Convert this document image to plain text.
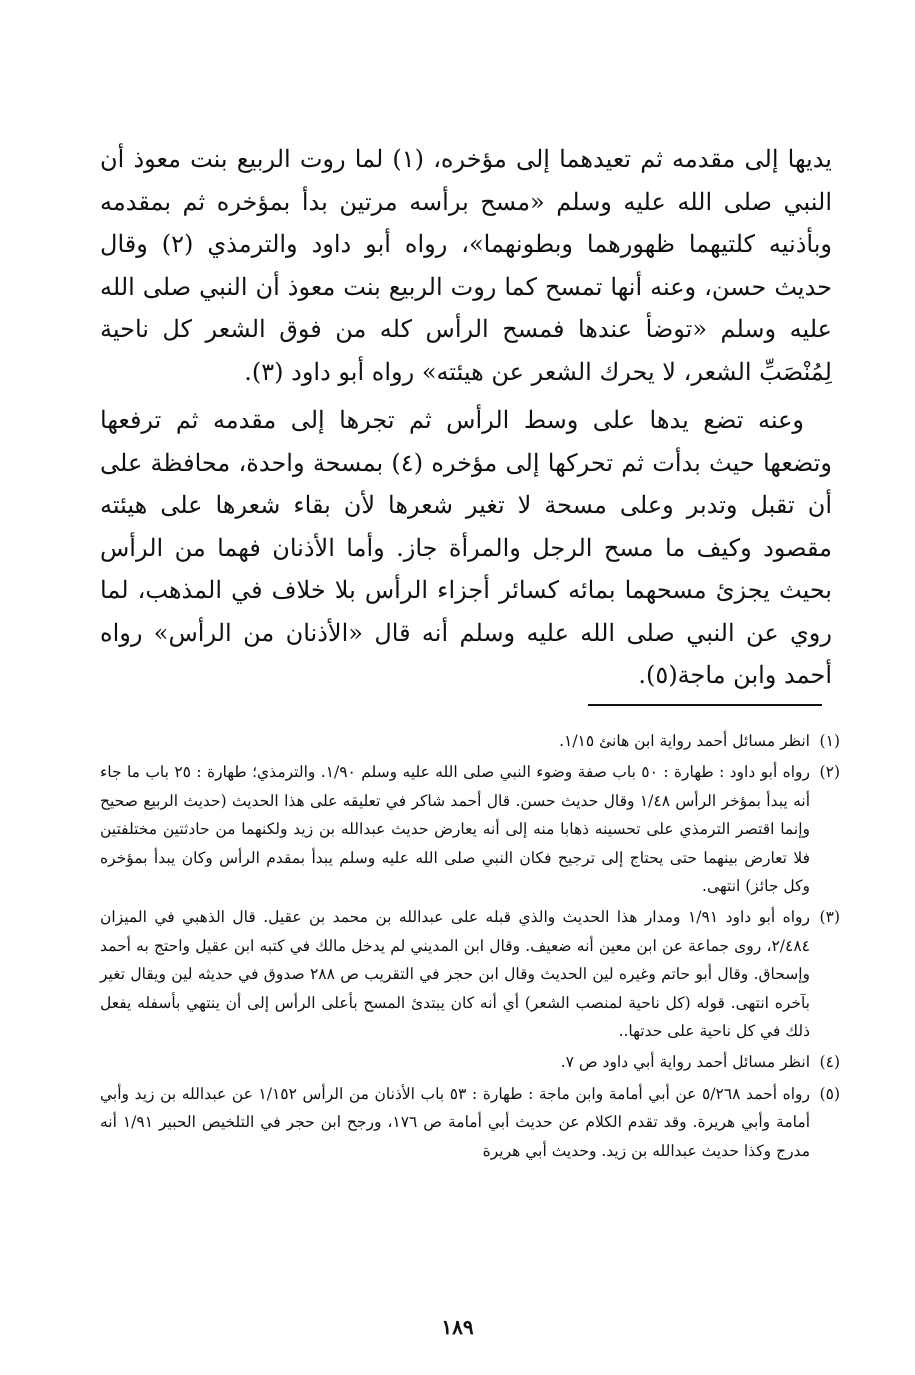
يديها إلى مقدمه ثم تعيدهما إلى مؤخره، (١) لما روت الربيع بنت معوذ أن النبي صلى الله عليه وسلم «مسح برأسه مرتين بدأ بمؤخره ثم بمقدمه وبأذنيه كلتيهما ظهورهما وبطونهما»، رواه أبو داود والترمذي (٢) وقال حديث حسن، وعنه أنها تمسح كما روت الربيع بنت معوذ أن النبي صلى الله عليه وسلم «توضأ عندها فمسح الرأس كله من فوق الشعر كل ناحية لِمُنْصَبِّ الشعر، لا يحرك الشعر عن هيئته» رواه أبو داود (٣).

وعنه تضع يدها على وسط الرأس ثم تجرها إلى مقدمه ثم ترفعها وتضعها حيث بدأت ثم تحركها إلى مؤخره (٤) بمسحة واحدة، محافظة على أن تقبل وتدبر وعلى مسحة لا تغير شعرها لأن بقاء شعرها على هيئته مقصود وكيف ما مسح الرجل والمرأة جاز. وأما الأذنان فهما من الرأس بحيث يجزئ مسحهما بمائه كسائر أجزاء الرأس بلا خلاف في المذهب، لما روي عن النبي صلى الله عليه وسلم أنه قال «الأذنان من الرأس» رواه أحمد وابن ماجة(٥).

(١)
انظر مسائل أحمد رواية ابن هانئ ١/١٥.
(٢)
رواه أبو داود : طهارة : ٥٠ باب صفة وضوء النبي صلى الله عليه وسلم ١/٩٠. والترمذي؛ طهارة : ٢٥ باب ما جاء أنه يبدأ بمؤخر الرأس ١/٤٨ وقال حديث حسن. قال أحمد شاكر في تعليقه على هذا الحديث (حديث الربيع صحيح وإنما اقتصر الترمذي على تحسينه ذهابا منه إلى أنه يعارض حديث عبدالله بن زيد ولكنهما من حادثتين مختلفتين فلا تعارض بينهما حتى يحتاج إلى ترجيح فكان النبي صلى الله عليه وسلم يبدأ بمقدم الرأس وكان يبدأ بمؤخره وكل جائز) انتهى.
(٣)
رواه أبو داود ١/٩١ ومدار هذا الحديث والذي قبله على عبدالله بن محمد بن عقيل. قال الذهبي في الميزان ٢/٤٨٤، روى جماعة عن ابن معين أنه ضعيف. وقال ابن المديني لم يدخل مالك في كتبه ابن عقيل واحتج به أحمد وإسحاق. وقال أبو حاتم وغيره لين الحديث وقال ابن حجر في التقريب ص ٢٨٨ صدوق في حديثه لين ويقال تغير بآخره انتهى. قوله (كل ناحية لمنصب الشعر) أي أنه كان يبتدئ المسح بأعلى الرأس إلى أن ينتهي بأسفله يفعل ذلك في كل ناحية على حدتها..
(٤)
انظر مسائل أحمد رواية أبي داود ص ٧.
(٥)
رواه أحمد ٥/٢٦٨ عن أبي أمامة وابن ماجة : طهارة : ٥٣ باب الأذنان من الرأس ١/١٥٢ عن عبدالله بن زيد وأبي أمامة وأبي هريرة. وقد تقدم الكلام عن حديث أبي أمامة ص ١٧٦، ورجح ابن حجر في التلخيص الحبير ١/٩١ أنه مدرج وكذا حديث عبدالله بن زيد. وحديث أبي هريرة
١٨٩
